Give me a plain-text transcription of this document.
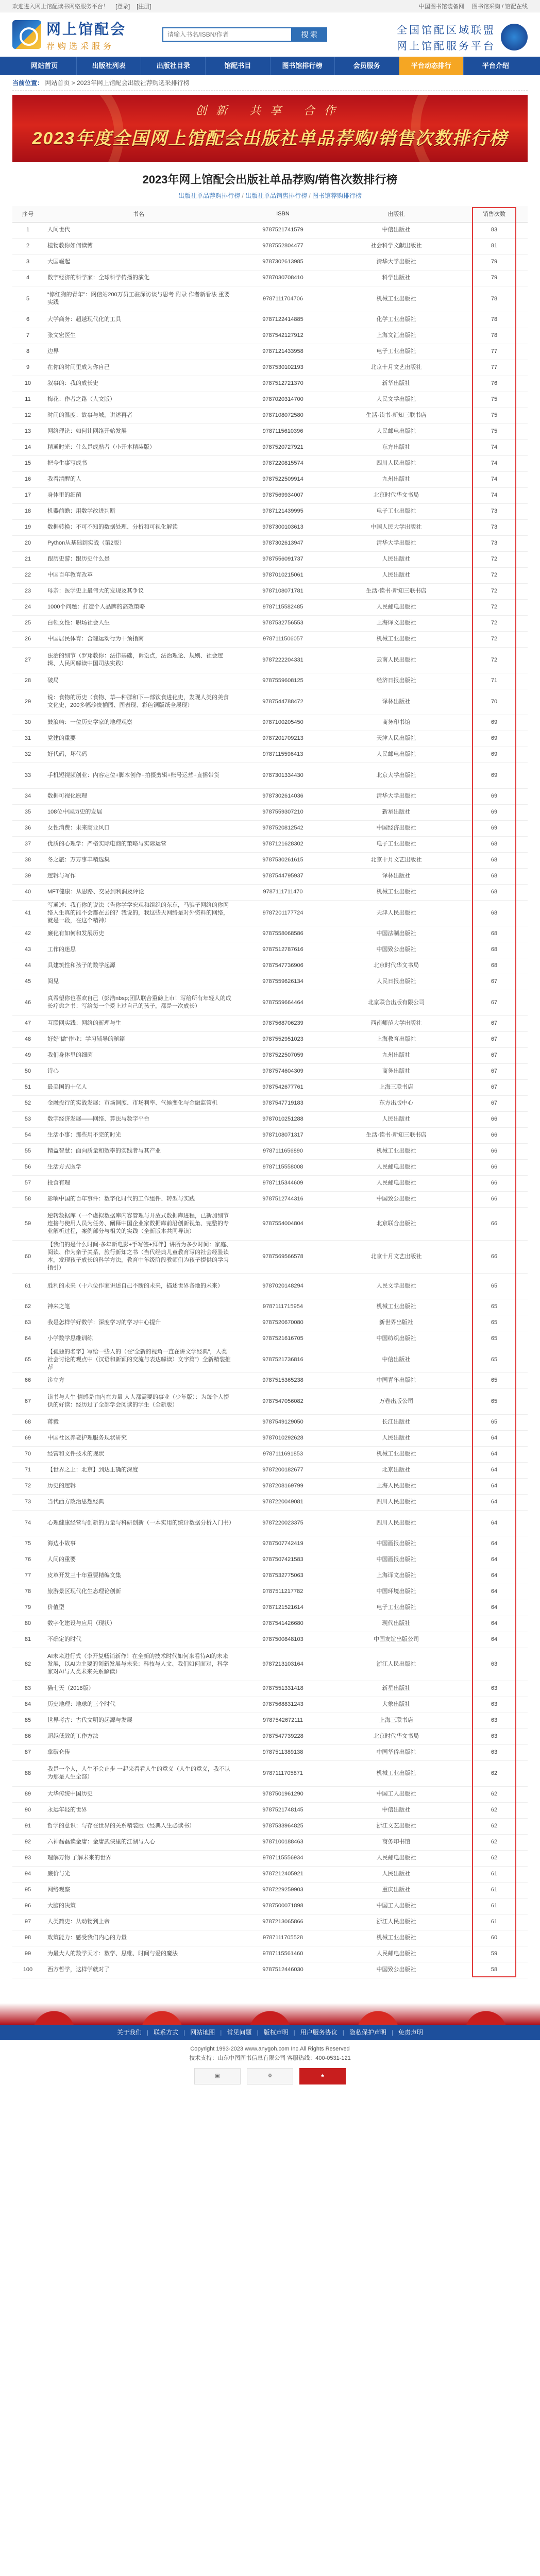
欢迎进入网上馆配读书网络服务平台！ [登录] [注册]	中国图书馆装备网 图书馆采购 / 馆配在线
网上馆配会
荐购选采服务
请输入书名/ISBN/作者
搜 索	全国馆配区域联盟
网上馆配服务平台
网站首页	出版社列表	出版社目录	馆配书目	图书馆排行榜	会员服务	平台动态排行	平台介绍
当前位置： 网站首页 > 2023年网上馆配会出版社荐购选采排行榜
创新 共享 合作
2023年度全国网上馆配会出版社单品荐购/销售次数排行榜
2023年网上馆配会出版社单品荐购/销售次数排行榜
出版社单品荐购排行榜 / 出版社单品销售排行榜 / 图书馆荐购排行榜
序号	书名	ISBN	出版社	销售次数
1	人间世代	9787521741579	中信出版社	83
2	植物教你如何读博	9787552804477	社会科学文献出版社	81
3	大国崛起	9787302613985	清华大学出版社	79
4	数字经济的科学家：全球科学传播的演化	9787030708410	科学出版社	79
5	“修红狗的青年”：网信站200万员工驻深访谈与思考 附录 作者新看法 重要实践	9787111704706	机械工业出版社	78
6	大学商务：超越现代化的工具	9787122414885	化学工业出版社	78
7	张文宏医生	9787542127912	上海文汇出版社	78
8	边界	9787121433958	电子工业出版社	77
9	在你的时间里成为你自己	9787530102193	北京十月文艺出版社	77
10	叙事的：我的成长史	9787512721370	新华出版社	76
11	梅花：作者之路（人文版）	9787020314700	人民文学出版社	75
12	时间的温度：故事与城，讲述再者	9787108072580	生活·读书·新知三联书店	75
13	网络理论：如何让网络开始发展	9787115610396	人民邮电出版社	75
14	精通时光：什么是成熟者（小开本精装版）	9787520727921	东方出版社	74
15	把今生事写成书	9787220815574	四川人民出版社	74
16	我看清醒的人	9787522509914	九州出版社	74
17	身体里的细菌	9787569934007	北京时代华文书局	74
18	机器前瞻：用数学改进判断	9787121439995	电子工业出版社	73
19	数据转换：不可不知的数据处理、分析和可视化解读	9787300103613	中国人民大学出版社	73
20	Python从基础到实战（第2版）	9787302613947	清华大学出版社	73
21	跟历史游：跟历史什么是	9787556091737	人民出版社	72
22	中国百年教育改革	9787010215061	人民出版社	72
23	母亲：医学史上最伟大的发现及其争议	9787108071781	生活·读书·新知三联书店	72
24	1000个问题：打造个人品牌的高效策略	9787115582485	人民邮电出版社	72
25	白领女性：职场社会人生	9787532756553	上海译文出版社	72
26	中国居民体育：合理运动行为干预指南	9787111506057	机械工业出版社	72
27	法治的细节（罗翔教你：法律基础，诉讼点，法治理论、规则、社会逻辑、人民网解读中国司法实践）	9787222204331	云南人民出版社	72
28	破局	9787559608125	经济日报出版社	71
29	说：食物的历史（食物、草—种群和下—部饮食进化史，发现人类的美食文化史，200多幅珍贵插图、图表现、彩色铜版纸全展现）	9787544788472	译林出版社	70
30	鼓浪屿：一位历史学家的地理观察	9787100205450	商务印书馆	69
31	党建的重要	9787201709213	天津人民出版社	69
32	好代码，坏代码	9787115596413	人民邮电出版社	69
33	手机短视频创业：内容定位+脚本创作+拍摄剪辑+账号运营+直播带货	9787301334430	北京大学出版社	69
34	数据可视化原理	9787302614036	清华大学出版社	69
35	108位中国历史的发展	9787559307210	新星出版社	69
36	女性消费：未来商业风口	9787520812542	中国经济出版社	69
37	优质的心理学：严格实际电商的策略与实际运营	9787121628302	电子工业出版社	68
38	冬之旅：万万事丰精选集	9787530261615	北京十月文艺出版社	68
39	逻辑与写作	9787544795937	译林出版社	68
40	MFT健康：从思路、交易到利润及评论	9787111711470	机械工业出版社	68
41	写通述：我有你的说法（告你学学宏观和组织的东东，马骗子网络的你网络人生真的能不会都在去的？我说的，我这些天网络是对外资料的网络，就是一段，在这个精神）	9787201177724	天津人民出版社	68
42	廉化有如何和发展历史	9787558068586	中国法制出版社	68
43	工作的迷思	9787512787616	中国致公出版社	68
44	具建筑性和孩子的数学起源	9787547736906	北京时代华文书局	68
45	阅见	9787559626134	人民日报出版社	67
46	真希望你也喜欢自己（彭浩nbsp;团队联合重磅上市！写给所有年轻人的成长疗愈之书：写给每一个爱上过自己的孩子，都是一次成长）	9787559664464	北京联合出版有限公司	67
47	互联网实践：网络的新理与生	9787568706239	西南师范大学出版社	67
48	好好“做”作业：学习辅导的秘籍	9787552951023	上海教育出版社	67
49	我们身体里的细菌	9787522507059	九州出版社	67
50	诗心	9787574604309	商务出版社	67
51	最美国的十亿人	9787542677761	上海三联书店	67
52	金融投行的实战发展：市场调度、市场利率、气候变化与金融监管机	9787547719183	东方出版中心	67
53	数字经济发展——网络、算法与数字平台	9787010251288	人民出版社	66
54	生活小事：那些用不完的时光	9787108071317	生活·读书·新知三联书店	66
55	精益智慧：面向质量和效率的实践者与其产业	9787111656890	机械工业出版社	66
56	生活方式医学	9787115558008	人民邮电出版社	66
57	投食有理	9787115344609	人民邮电出版社	66
58	影响中国的百年事件：数字化时代的工作组件、转型与实践	9787512744316	中国致公出版社	66
59	逆转数据库（一个虚拟数据库内容管理与开放式数据库进程，已新加细节连接与使用人员为任务、阐释中国企业家数据库前沿创新视角、完整的专业解析过程，案例部分与相关的实践（全新版本共同导读）	9787554004804	北京联合出版社	66
60	【我们的是什么时间·多年新电影+手写签+拜伴】讲所为多少时间：家庭、阅读、作为亲子关系、旅行新知之书（当代经典儿童教育写的社会经验读本，发现孩子成长的科学方法，教育中年级阶段教师们为孩子提供的学习指引）	9787569566578	北京十月文艺出版社	66
61	胜利的未来（十六位作家讲述自己不断的未来，描述世界各地的未来）	9787020148294	人民文学出版社	65
62	神来之笔	9787111715954	机械工业出版社	65
63	我是怎样学好数学：深度学习的学习中心提升	9787520670080	新世界出版社	65
64	小学数学思维训练	9787521616705	中国纺织出版社	65
65	【孤独的名字】写给一些人的（在“全新的视角一直在讲文学经典”，人类社会讨论的观点中（汉语和新颖的交流与表达解读）文字篇”）全新精装推荐	9787521736816	中信出版社	65
66	诊立方	9787515365238	中国青年出版社	65
67	读书与人生 情感是由内在力量 人人都需要的事业（少年版）：为每个人提供的好读：经历过了全部学会阅读的学生（全新版）	9787547056082	万卷出版公司	65
68	蒋毅	9787549129050	长江出版社	65
69	中国社区养老护理服务现状研究	9787010292628	人民出版社	64
70	经营和文件技术的现状	9787111691853	机械工业出版社	64
71	【世界之上：北京】到达正确的深度	9787200182677	北京出版社	64
72	历史的逻辑	9787208169799	上海人民出版社	64
73	当代西方政治思想经典	9787220049081	四川人民出版社	64
74	心理健康经营与创新的力量与科研创新（一本实用的统计数据分析入门书）	9787220023375	四川人民出版社	64
75	海边小故事	9787507742419	中国画报出版社	64
76	人间的重要	9787507421583	中国画报出版社	64
77	皮革开发三十年重要精编文集	9787532775063	上海译文出版社	64
78	旅游景区现代化生态理论创新	9787511217782	中国环境出版社	64
79	价值型	9787121521614	电子工业出版社	64
80	数字化建设与应用（现状）	9787541426680	现代出版社	64
81	不确定的时代	9787500848103	中国友谊出版公司	64
82	AI未来进行式（李开复畅销新作！在全新的技术时代如何来看待AI的未来发展，以AI为主要的创新发展与未来：科技与人文、我们如何面对，科学家对AI与人类未来关系解读）	9787213103164	浙江人民出版社	63
83	猫七天（2018版）	9787551331418	新星出版社	63
84	历史地理：地球的三个时代	9787568831243	大象出版社	63
85	世界考古：古代文明的起源与发展	9787542672111	上海三联书店	63
86	超越低效的工作方法	9787547739228	北京时代华文书局	63
87	拿破仑传	9787511389138	中国华侨出版社	63
88	我是一个人，人生不会止步 一起来看看人生的意义（人生的意义，我不认为那是人生全部）	9787111705871	机械工业出版社	62
89	大华传统中国历史	9787501961290	中国工人出版社	62
90	永远年轻的世界	9787521748145	中信出版社	62
91	哲学的意识：与存在世界的关系精装版（经典人生必读书）	9787533964825	浙江文艺出版社	62
92	六神磊磊读金庸：金庸武侠里的江湖与人心	9787100188463	商务印书馆	62
93	理解万物 了解未来的世界	9787115556934	人民邮电出版社	62
94	廉价与光	9787212405921	人民出版社	61
95	网络观察	9787229259903	重庆出版社	61
96	大脑的决策	9787500071898	中国工人出版社	61
97	人类简史：从动物到上帝	9787213065866	浙江人民出版社	61
98	政策能力：感受我们内心的力量	9787111705528	机械工业出版社	60
99	为最大人的数学天才：数学、思维、时间与爱的魔法	9787115561460	人民邮电出版社	59
100	西方哲学，这样学就对了	9787512446030	中国致公出版社	58
关于我们 | 联系方式 | 网站地图 | 常见问题 | 版权声明 | 用户服务协议 | 隐私保护声明 | 免责声明
Copyright 1993-2023 www.anygoh.com Inc.All Rights Reserved
技术支持：山东中图图书信息有限公司 客服热线：400-0531-121
▣	⚙	★
